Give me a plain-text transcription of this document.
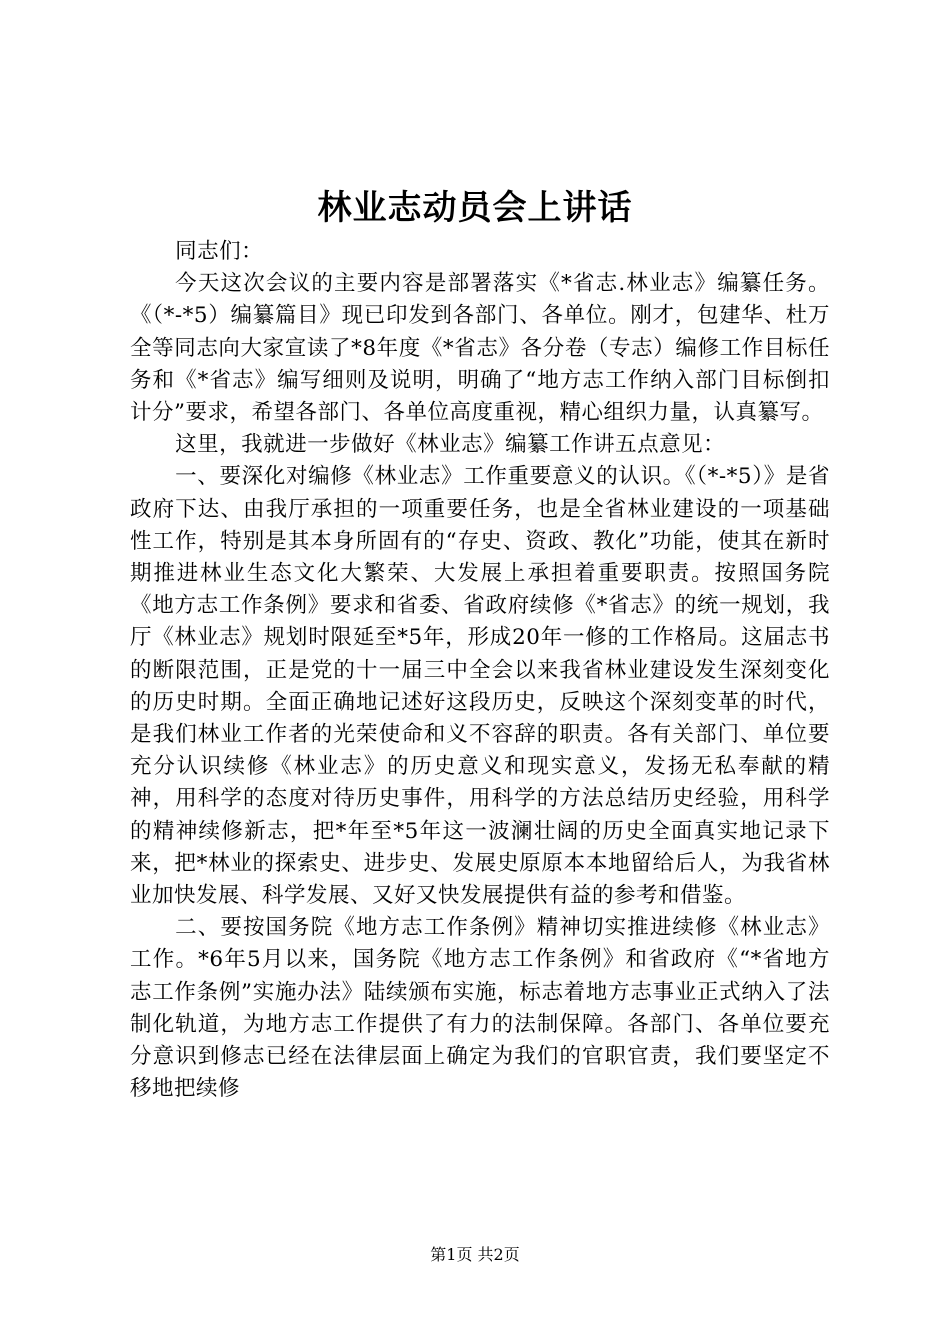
林业志动员会上讲话

同志们：

今天这次会议的主要内容是部署落实《*省志.林业志》编纂任务。《（*-*5）编纂篇目》现已印发到各部门、各单位。刚才，包建华、杜万全等同志向大家宣读了*8年度《*省志》各分卷（专志）编修工作目标任务和《*省志》编写细则及说明，明确了“地方志工作纳入部门目标倒扣计分”要求，希望各部门、各单位高度重视，精心组织力量，认真纂写。

这里，我就进一步做好《林业志》编纂工作讲五点意见：

一、要深化对编修《林业志》工作重要意义的认识。《（*-*5）》是省政府下达、由我厅承担的一项重要任务，也是全省林业建设的一项基础性工作，特别是其本身所固有的“存史、资政、教化”功能，使其在新时期推进林业生态文化大繁荣、大发展上承担着重要职责。按照国务院《地方志工作条例》要求和省委、省政府续修《*省志》的统一规划，我厅《林业志》规划时限延至*5年，形成20年一修的工作格局。这届志书的断限范围，正是党的十一届三中全会以来我省林业建设发生深刻变化的历史时期。全面正确地记述好这段历史，反映这个深刻变革的时代，是我们林业工作者的光荣使命和义不容辞的职责。各有关部门、单位要充分认识续修《林业志》的历史意义和现实意义，发扬无私奉献的精神，用科学的态度对待历史事件，用科学的方法总结历史经验，用科学的精神续修新志，把*年至*5年这一波澜壮阔的历史全面真实地记录下来，把*林业的探索史、进步史、发展史原原本本地留给后人，为我省林业加快发展、科学发展、又好又快发展提供有益的参考和借鉴。

二、要按国务院《地方志工作条例》精神切实推进续修《林业志》工作。*6年5月以来，国务院《地方志工作条例》和省政府《“*省地方志工作条例”实施办法》陆续颁布实施，标志着地方志事业正式纳入了法制化轨道，为地方志工作提供了有力的法制保障。各部门、各单位要充分意识到修志已经在法律层面上确定为我们的官职官责，我们要坚定不移地把续修

第1页 共2页
